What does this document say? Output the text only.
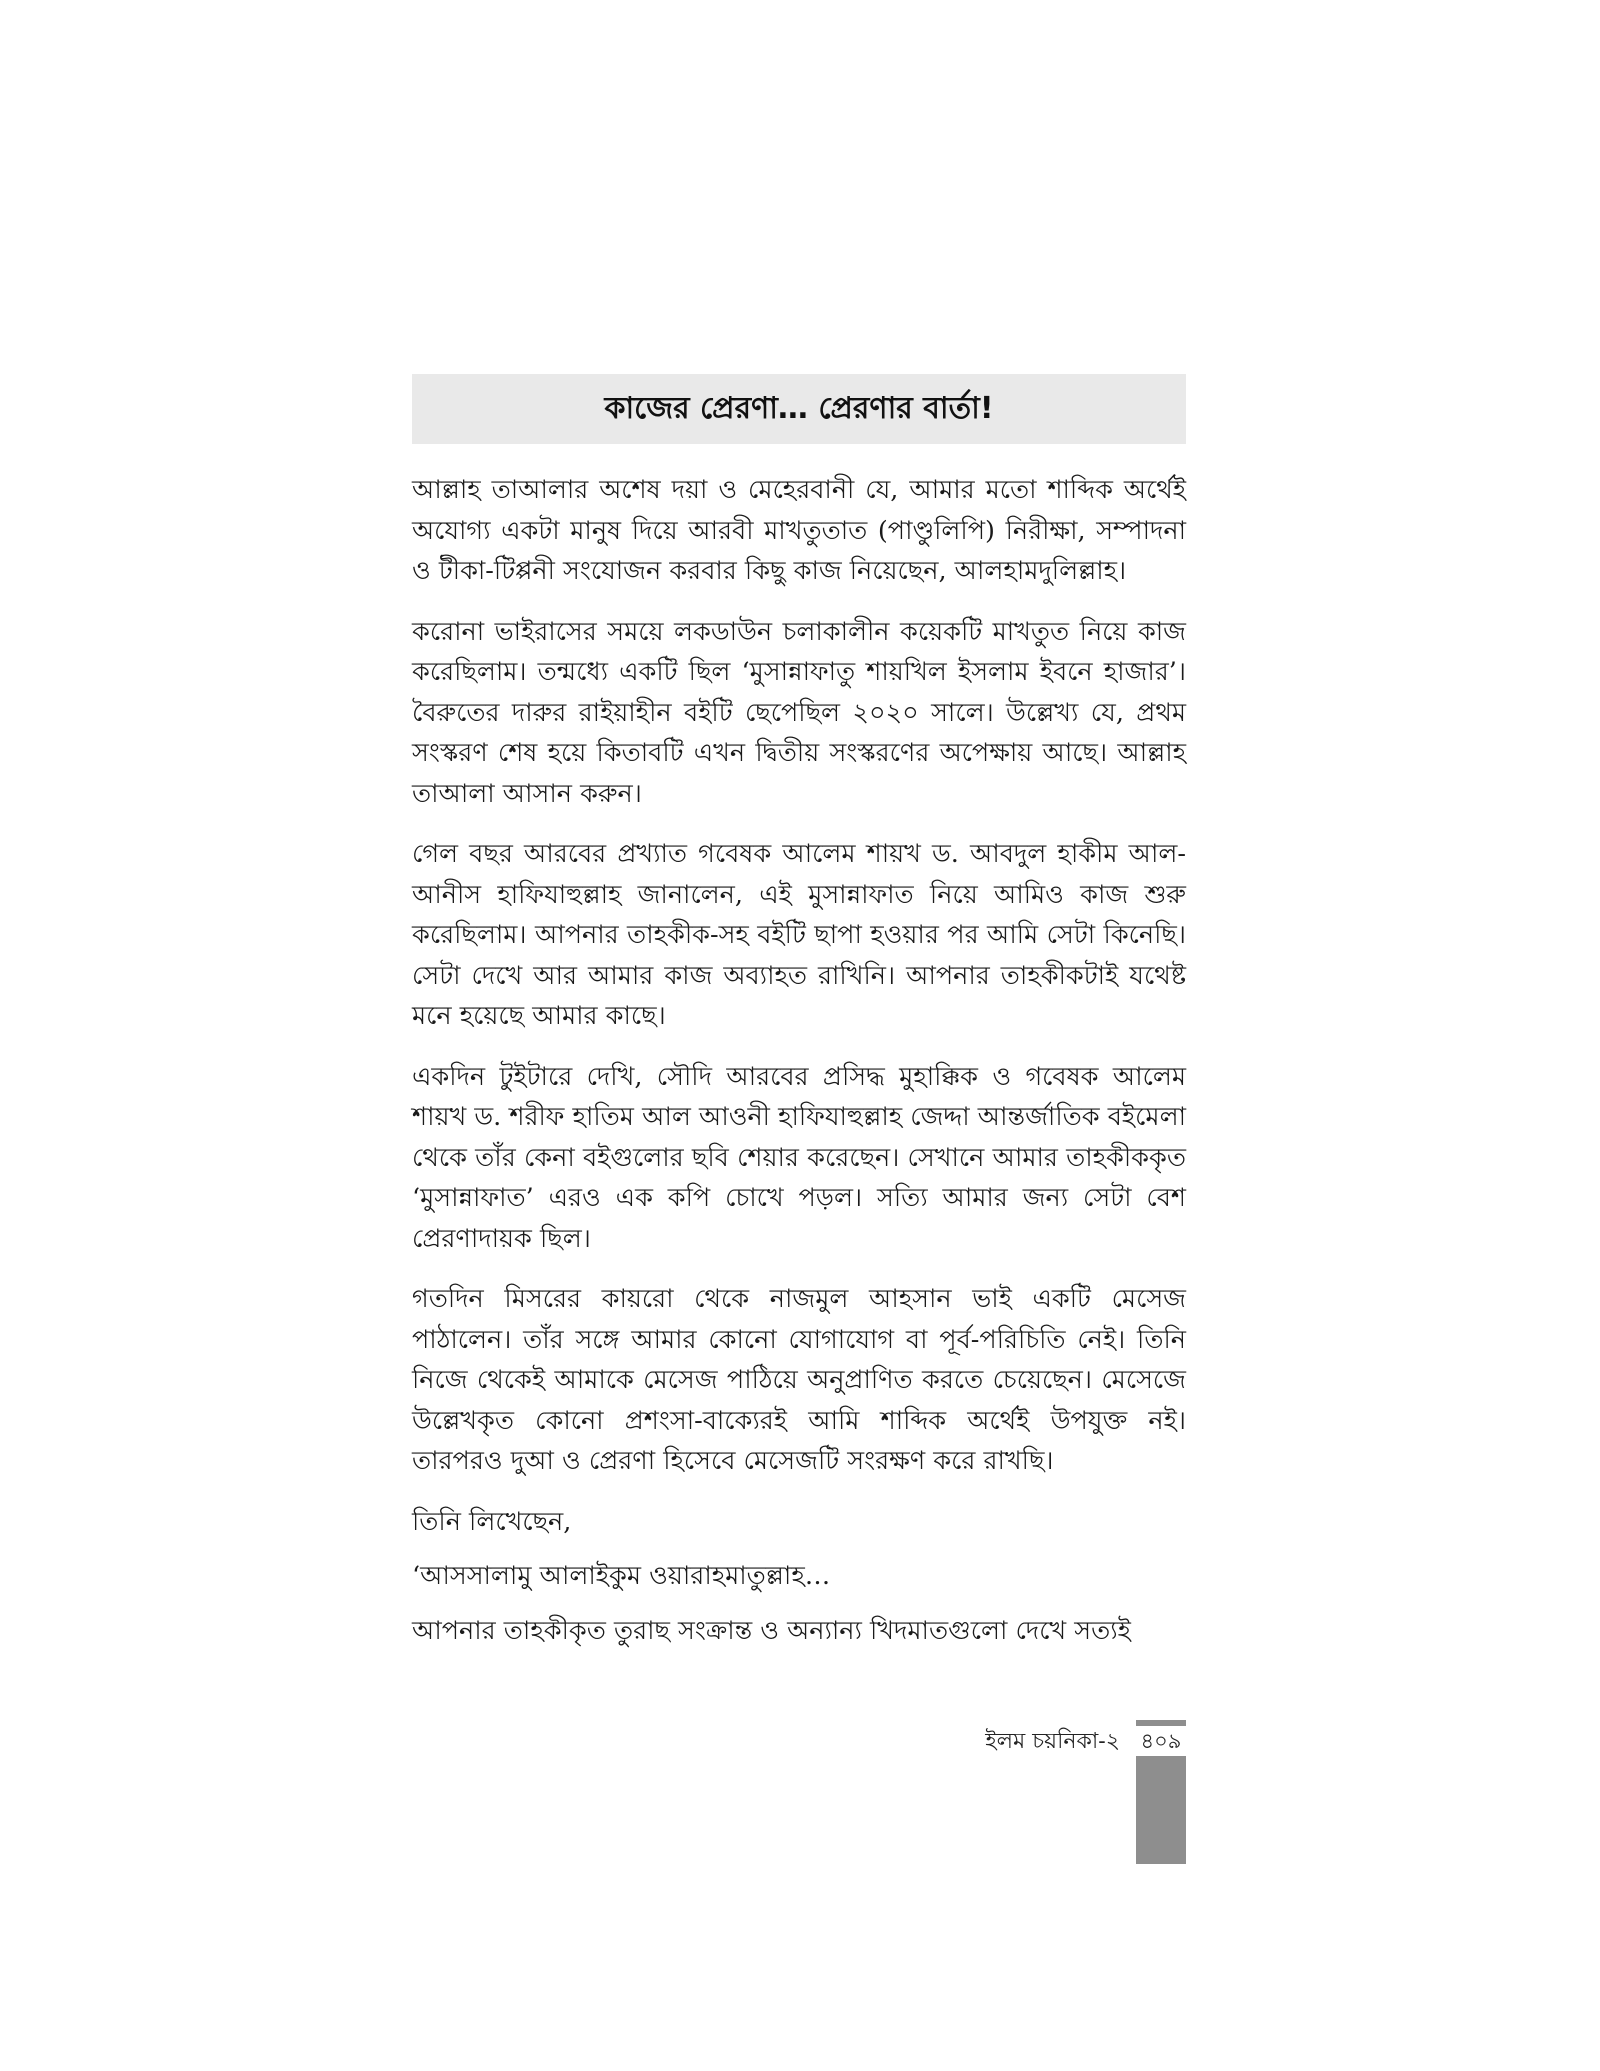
কাজের প্রেরণা… প্রেরণার বার্তা!

আল্লাহ তাআলার অশেষ দয়া ও মেহেরবানী যে, আমার মতো শাব্দিক অর্থেই অযোগ্য একটা মানুষ দিয়ে আরবী মাখতুতাত (পাণ্ডুলিপি) নিরীক্ষা, সম্পাদনা ও টীকা-টিপ্পনী সংযোজন করবার কিছু কাজ নিয়েছেন, আলহামদুলিল্লাহ।

করোনা ভাইরাসের সময়ে লকডাউন চলাকালীন কয়েকটি মাখতুত নিয়ে কাজ করেছিলাম। তন্মধ্যে একটি ছিল ‘মুসান্নাফাতু শায়খিল ইসলাম ইবনে হাজার’। বৈরুতের দারুর রাইয়াহীন বইটি ছেপেছিল ২০২০ সালে। উল্লেখ্য যে, প্রথম সংস্করণ শেষ হয়ে কিতাবটি এখন দ্বিতীয় সংস্করণের অপেক্ষায় আছে। আল্লাহ তাআলা আসান করুন।

গেল বছর আরবের প্রখ্যাত গবেষক আলেম শায়খ ড. আবদুল হাকীম আল-আনীস হাফিযাহুল্লাহ জানালেন, এই মুসান্নাফাত নিয়ে আমিও কাজ শুরু করেছিলাম। আপনার তাহকীক-সহ বইটি ছাপা হওয়ার পর আমি সেটা কিনেছি। সেটা দেখে আর আমার কাজ অব্যাহত রাখিনি। আপনার তাহকীকটাই যথেষ্ট মনে হয়েছে আমার কাছে।

একদিন টুইটারে দেখি, সৌদি আরবের প্রসিদ্ধ মুহাক্কিক ও গবেষক আলেম শায়খ ড. শরীফ হাতিম আল আওনী হাফিযাহুল্লাহ জেদ্দা আন্তর্জাতিক বইমেলা থেকে তাঁর কেনা বইগুলোর ছবি শেয়ার করেছেন। সেখানে আমার তাহকীককৃত ‘মুসান্নাফাত’ এরও এক কপি চোখে পড়ল। সত্যি আমার জন্য সেটা বেশ প্রেরণাদায়ক ছিল।

গতদিন মিসরের কায়রো থেকে নাজমুল আহসান ভাই একটি মেসেজ পাঠালেন। তাঁর সঙ্গে আমার কোনো যোগাযোগ বা পূর্ব-পরিচিতি নেই। তিনি নিজে থেকেই আমাকে মেসেজ পাঠিয়ে অনুপ্রাণিত করতে চেয়েছেন। মেসেজে উল্লেখকৃত কোনো প্রশংসা-বাক্যেরই আমি শাব্দিক অর্থেই উপযুক্ত নই। তারপরও দুআ ও প্রেরণা হিসেবে মেসেজটি সংরক্ষণ করে রাখছি।

তিনি লিখেছেন,

‘আসসালামু আলাইকুম ওয়ারাহমাতুল্লাহ…

আপনার তাহকীকৃত তুরাছ সংক্রান্ত ও অন্যান্য খিদমাতগুলো দেখে সত্যই

ইলম চয়নিকা-২ ৪০৯
